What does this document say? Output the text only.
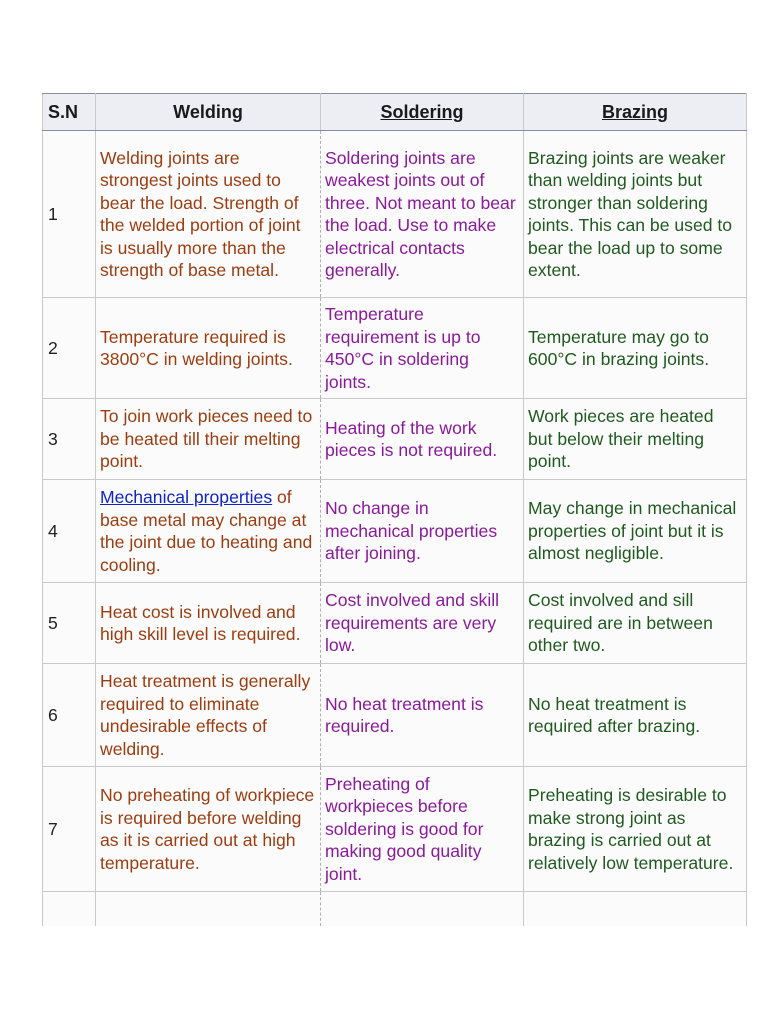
S.N	Welding	Soldering	Brazing
1	Welding joints are strongest joints used to bear the load. Strength of the welded portion of joint is usually more than the strength of base metal.	Soldering joints are weakest joints out of three. Not meant to bear the load. Use to make electrical contacts generally.	Brazing joints are weaker than welding joints but stronger than soldering joints. This can be used to bear the load up to some extent.
2	Temperature required is 3800°C in welding joints.	Temperature requirement is up to 450°C in soldering joints.	Temperature may go to 600°C in brazing joints.
3	To join work pieces need to be heated till their melting point.	Heating of the work pieces is not required.	Work pieces are heated but below their melting point.
4	Mechanical properties of base metal may change at the joint due to heating and cooling.	No change in mechanical properties after joining.	May change in mechanical properties of joint but it is almost negligible.
5	Heat cost is involved and high skill level is required.	Cost involved and skill requirements are very low.	Cost involved and sill required are in between other two.
6	Heat treatment is generally required to eliminate undesirable effects of welding.	No heat treatment is required.	No heat treatment is required after brazing.
7	No preheating of workpiece is required before welding as it is carried out at high temperature.	Preheating of workpieces before soldering is good for making good quality joint.	Preheating is desirable to make strong joint as brazing is carried out at relatively low temperature.
